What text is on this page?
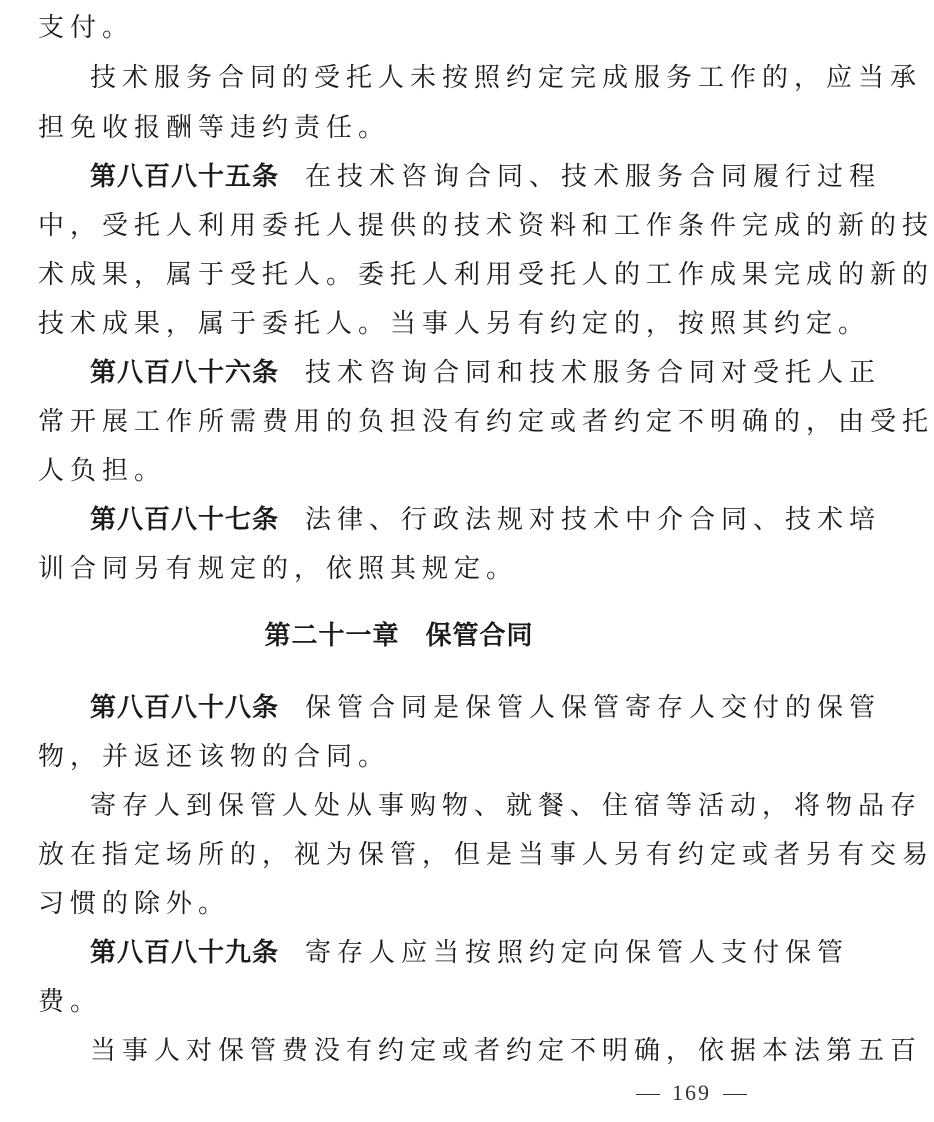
支付。
技术服务合同的受托人未按照约定完成服务工作的，应当承
担免收报酬等违约责任。
第八百八十五条 在技术咨询合同、技术服务合同履行过程
中，受托人利用委托人提供的技术资料和工作条件完成的新的技
术成果，属于受托人。委托人利用受托人的工作成果完成的新的
技术成果，属于委托人。当事人另有约定的，按照其约定。
第八百八十六条 技术咨询合同和技术服务合同对受托人正
常开展工作所需费用的负担没有约定或者约定不明确的，由受托
人负担。
第八百八十七条 法律、行政法规对技术中介合同、技术培
训合同另有规定的，依照其规定。
第二十一章 保管合同
第八百八十八条 保管合同是保管人保管寄存人交付的保管
物，并返还该物的合同。
寄存人到保管人处从事购物、就餐、住宿等活动，将物品存
放在指定场所的，视为保管，但是当事人另有约定或者另有交易
习惯的除外。
第八百八十九条 寄存人应当按照约定向保管人支付保管
费。
当事人对保管费没有约定或者约定不明确，依据本法第五百
169
